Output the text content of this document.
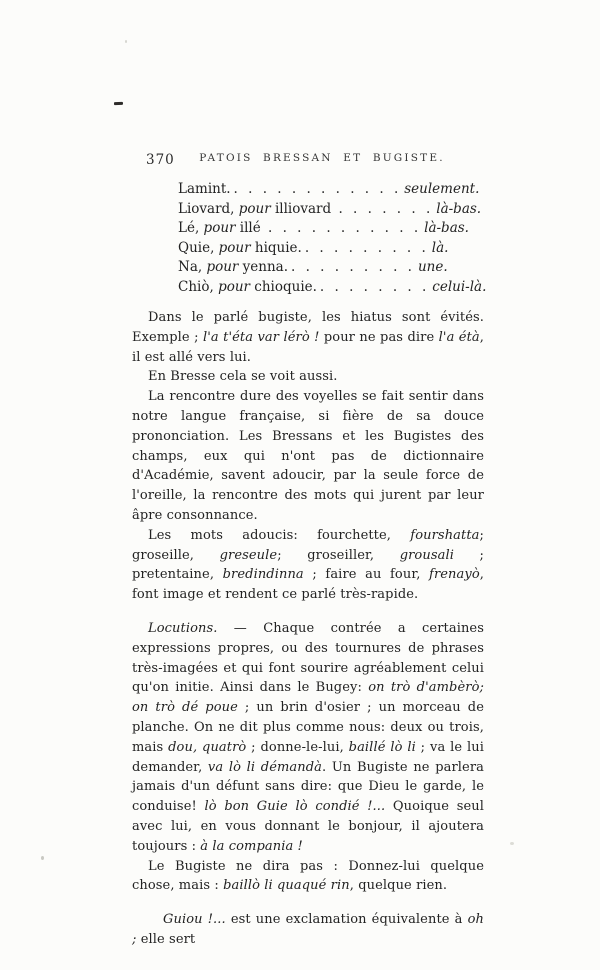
370	PATOIS BRESSAN ET BUGISTE.
Lamint. . . . . . . . . . . . . seulement.
Liovard, pour illiovard . . . . . . . là-bas.
Lé, pour illé . . . . . . . . . . . là-bas.
Quie, pour hiquie. . . . . . . . . . là.
Na, pour yenna. . . . . . . . . . une.
Chiò, pour chioquie. . . . . . . . . celui-là.

Dans le parlé bugiste, les hiatus sont évités. Exemple ; l'a t'éta var lérò ! pour ne pas dire l'a étà, il est allé vers lui.

En Bresse cela se voit aussi.

La rencontre dure des voyelles se fait sentir dans notre langue française, si fière de sa douce prononciation. Les Bressans et les Bugistes des champs, eux qui n'ont pas de dictionnaire d'Académie, savent adoucir, par la seule force de l'oreille, la rencontre des mots qui jurent par leur âpre consonnance.

Les mots adoucis: fourchette, fourshatta; groseille, greseule; groseiller, grousali ; pretentaine, bredindinna ; faire au four, frenayò, font image et rendent ce parlé très-rapide.

Locutions. — Chaque contrée a certaines expressions propres, ou des tournures de phrases très-imagées et qui font sourire agréablement celui qu'on initie. Ainsi dans le Bugey: on trò d'ambèrò; on trò dé poue ; un brin d'osier ; un morceau de planche. On ne dit plus comme nous: deux ou trois, mais dou, quatrò ; donne-le-lui, baillé lò li ; va le lui demander, va lò li démandà. Un Bugiste ne parlera jamais d'un défunt sans dire: que Dieu le garde, le conduise! lò bon Guie lò condié !... Quoique seul avec lui, en vous donnant le bonjour, il ajoutera toujours : à la compania !

Le Bugiste ne dira pas : Donnez-lui quelque chose, mais : baillò li quaqué rin, quelque rien.

Guiou !... est une exclamation équivalente à oh ; elle sert
